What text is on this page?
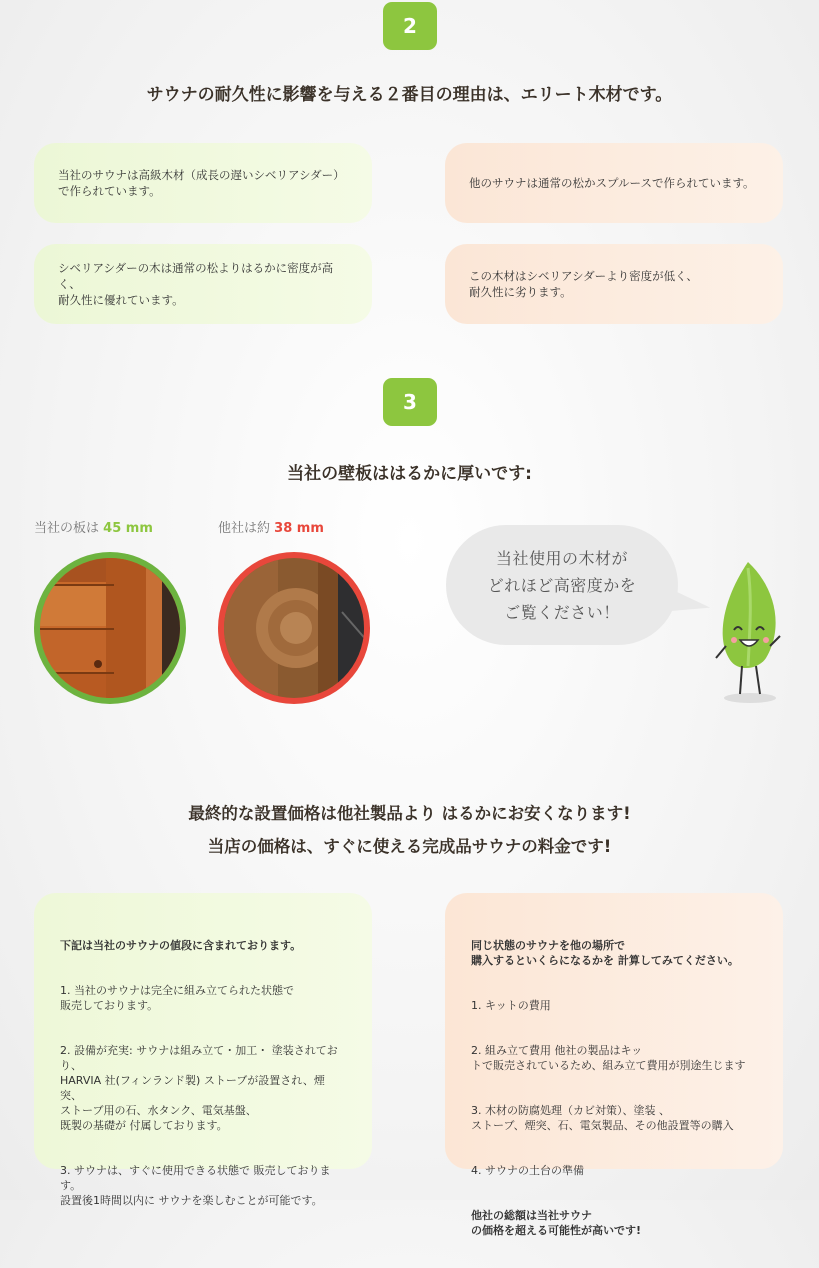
2
サウナの耐久性に影響を与える２番目の理由は、エリート木材です。
当社のサウナは高級木材（成長の遅いシベリアシダー）
で作られています。
他のサウナは通常の松かスプルースで作られています。
シベリアシダーの木は通常の松よりはるかに密度が高く、
耐久性に優れています。
この木材はシベリアシダーより密度が低く、
耐久性に劣ります。
3
当社の壁板ははるかに厚いです:
当社の板は 45 mm	他社は約 38 mm
当社使用の木材が
どれほど高密度かを
ご覧ください！
最終的な設置価格は他社製品より はるかにお安くなります!
当店の価格は、すぐに使える完成品サウナの料金です!

下記は当社のサウナの値段に含まれております。

1. 当社のサウナは完全に組み立てられた状態で
販売しております。

2. 設備が充実: サウナは組み立て・加工・ 塗装されており、
HARVIA 社(フィンランド製) ストーブが設置され、煙突、
ストーブ用の石、水タンク、電気基盤、
既製の基礎が 付属しております。

3. サウナは、すぐに使用できる状態で 販売しております。
設置後1時間以内に サウナを楽しむことが可能です。

同じ状態のサウナを他の場所で
購入するといくらになるかを 計算してみてください。

1. キットの費用

2. 組み立て費用 他社の製品はキッ
トで販売されているため、組み立て費用が別途生じます

3. 木材の防腐処理（カビ対策）、塗装 、
ストーブ、煙突、石、電気製品、その他設置等の購入

4. サウナの土台の準備

他社の総額は当社サウナ
の価格を超える可能性が高いです!
